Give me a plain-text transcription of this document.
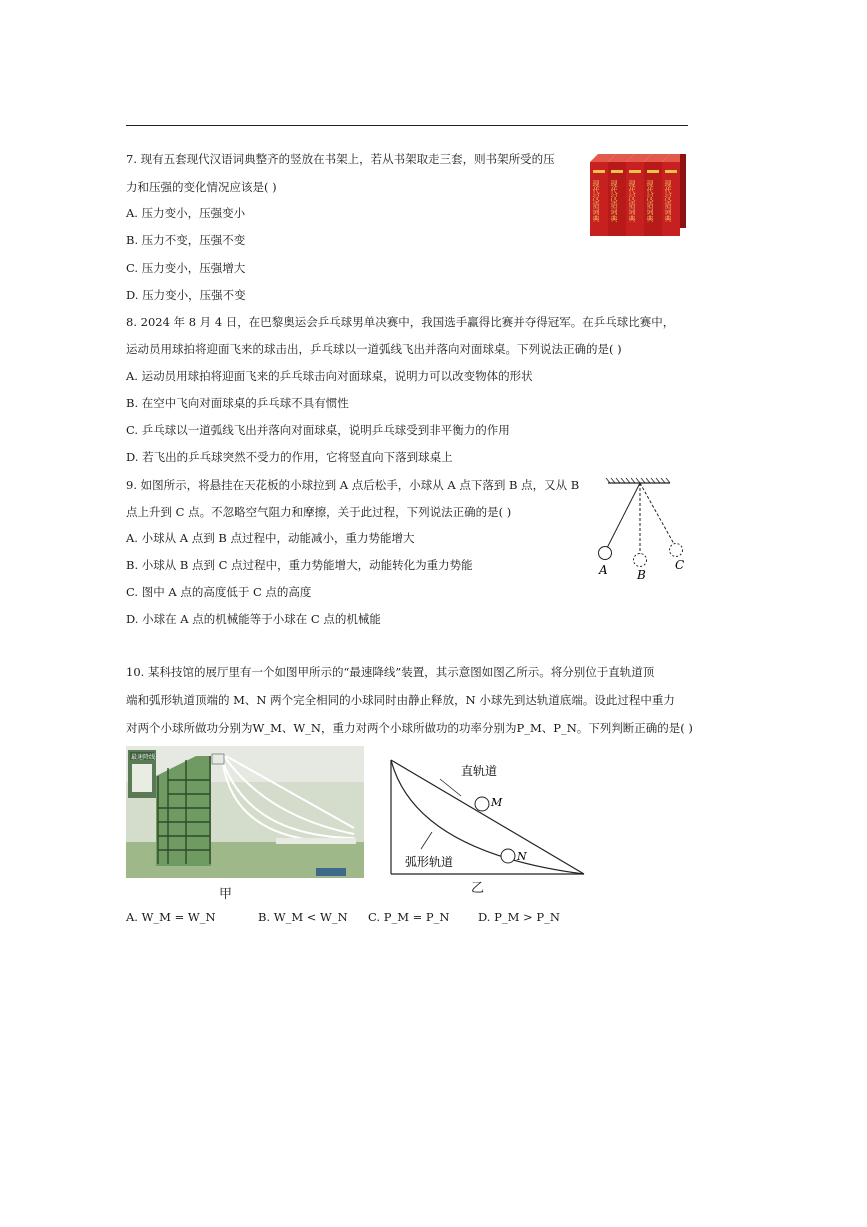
7. 现有五套现代汉语词典整齐的竖放在书架上，若从书架取走三套，则书架所受的压
力和压强的变化情况应该是( )
A. 压力变小，压强变小
B. 压力不变，压强不变
C. 压力变小，压强增大
D. 压力变小，压强不变
现代汉语词典 现代汉语词典 现代汉语词典 现代汉语词典 现代汉语词典
8. 2024 年 8 月 4 日，在巴黎奥运会乒乓球男单决赛中，我国选手赢得比赛并夺得冠军。在乒乓球比赛中，
运动员用球拍将迎面飞来的球击出，乒乓球以一道弧线飞出并落向对面球桌。下列说法正确的是( )
A. 运动员用球拍将迎面飞来的乒乓球击向对面球桌，说明力可以改变物体的形状
B. 在空中飞向对面球桌的乒乓球不具有惯性
C. 乒乓球以一道弧线飞出并落向对面球桌，说明乒乓球受到非平衡力的作用
D. 若飞出的乒乓球突然不受力的作用，它将竖直向下落到球桌上
9. 如图所示，将悬挂在天花板的小球拉到 A 点后松手，小球从 A 点下落到 B 点，又从 B
点上升到 C 点。不忽略空气阻力和摩擦，关于此过程，下列说法正确的是( )
A. 小球从 A 点到 B 点过程中，动能减小，重力势能增大
B. 小球从 B 点到 C 点过程中，重力势能增大，动能转化为重力势能
C. 图中 A 点的高度低于 C 点的高度
D. 小球在 A 点的机械能等于小球在 C 点的机械能
A B
C
10. 某科技馆的展厅里有一个如图甲所示的“最速降线”装置，其示意图如图乙所示。将分别位于直轨道顶
端和弧形轨道顶端的 M、N 两个完全相同的小球同时由静止释放，N 小球先到达轨道底端。设此过程中重力
对两个小球所做功分别为W_M、W_N，重力对两个小球所做功的功率分别为P_M、P_N。下列判断正确的是( )
最速降线
甲
直轨道
弧形轨道
M
N
乙
A. W_M = W_N	B. W_M < W_N C. P_M = P_N D. P_M > P_N
